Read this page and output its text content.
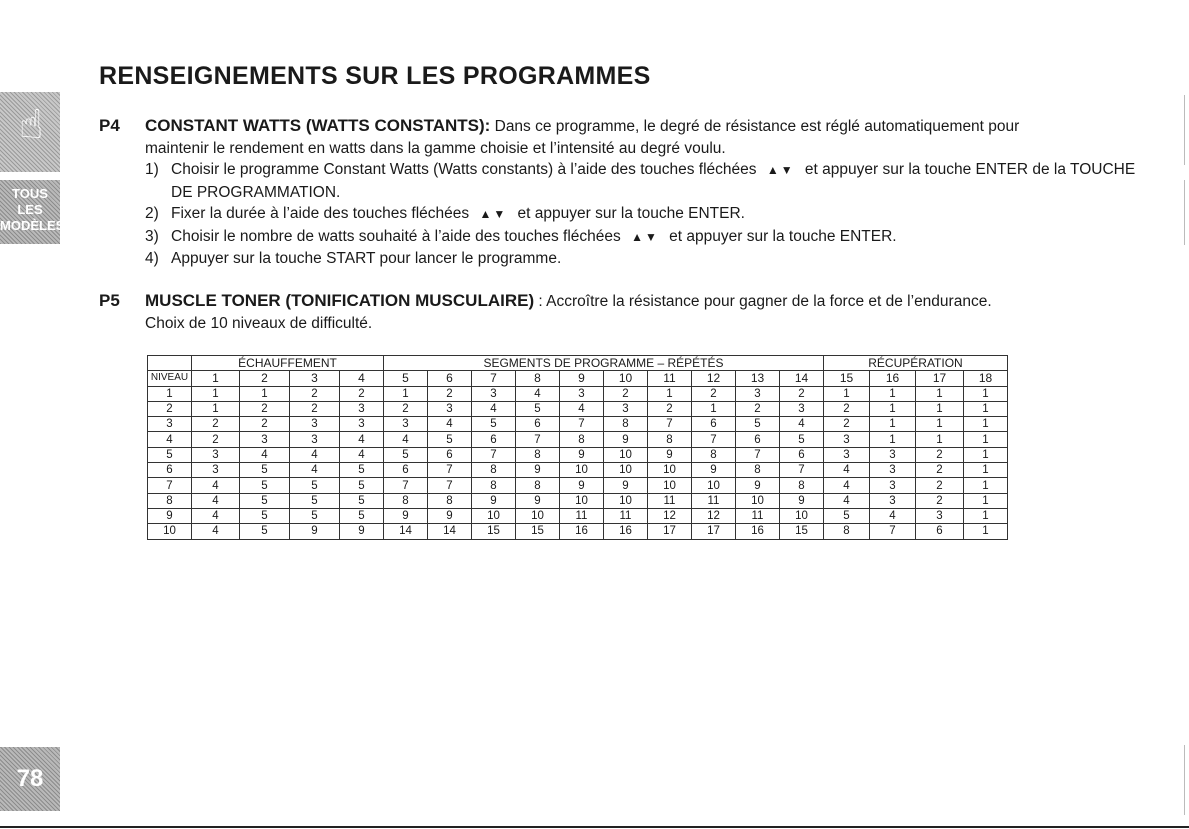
☝
TOUS
LES
MODÈLES
78
RENSEIGNEMENTS SUR LES PROGRAMMES
P4 CONSTANT WATTS (WATTS CONSTANTS): Dans ce programme, le degré de résistance est réglé automatiquement pour
maintenir le rendement en watts dans la gamme choisie et l’intensité au degré voulu.
1) Choisir le programme Constant Watts (Watts constants) à l’aide des touches fléchées ▲▼ et appuyer sur la touche ENTER de la TOUCHE DE PROGRAMMATION.
2) Fixer la durée à l’aide des touches fléchées ▲▼ et appuyer sur la touche ENTER.
3) Choisir le nombre de watts souhaité à l’aide des touches fléchées ▲▼ et appuyer sur la touche ENTER.
4) Appuyer sur la touche START pour lancer le programme.
P5 MUSCLE TONER (TONIFICATION MUSCULAIRE) : Accroître la résistance pour gagner de la force et de l’endurance.
Choix de 10 niveaux de difficulté.
	ÉCHAUFFEMENT				SEGMENTS DE PROGRAMME – RÉPÉTÉS										RÉCUPÉRATION			
NIVEAU	1	2	3	4	5	6	7	8	9	10	11	12	13	14	15	16	17	18
1	1	1	2	2	1	2	3	4	3	2	1	2	3	2	1	1	1	1
2	1	2	2	3	2	3	4	5	4	3	2	1	2	3	2	1	1	1
3	2	2	3	3	3	4	5	6	7	8	7	6	5	4	2	1	1	1
4	2	3	3	4	4	5	6	7	8	9	8	7	6	5	3	1	1	1
5	3	4	4	4	5	6	7	8	9	10	9	8	7	6	3	3	2	1
6	3	5	4	5	6	7	8	9	10	10	10	9	8	7	4	3	2	1
7	4	5	5	5	7	7	8	8	9	9	10	10	9	8	4	3	2	1
8	4	5	5	5	8	8	9	9	10	10	11	11	10	9	4	3	2	1
9	4	5	5	5	9	9	10	10	11	11	12	12	11	10	5	4	3	1
10	4	5	9	9	14	14	15	15	16	16	17	17	16	15	8	7	6	1
